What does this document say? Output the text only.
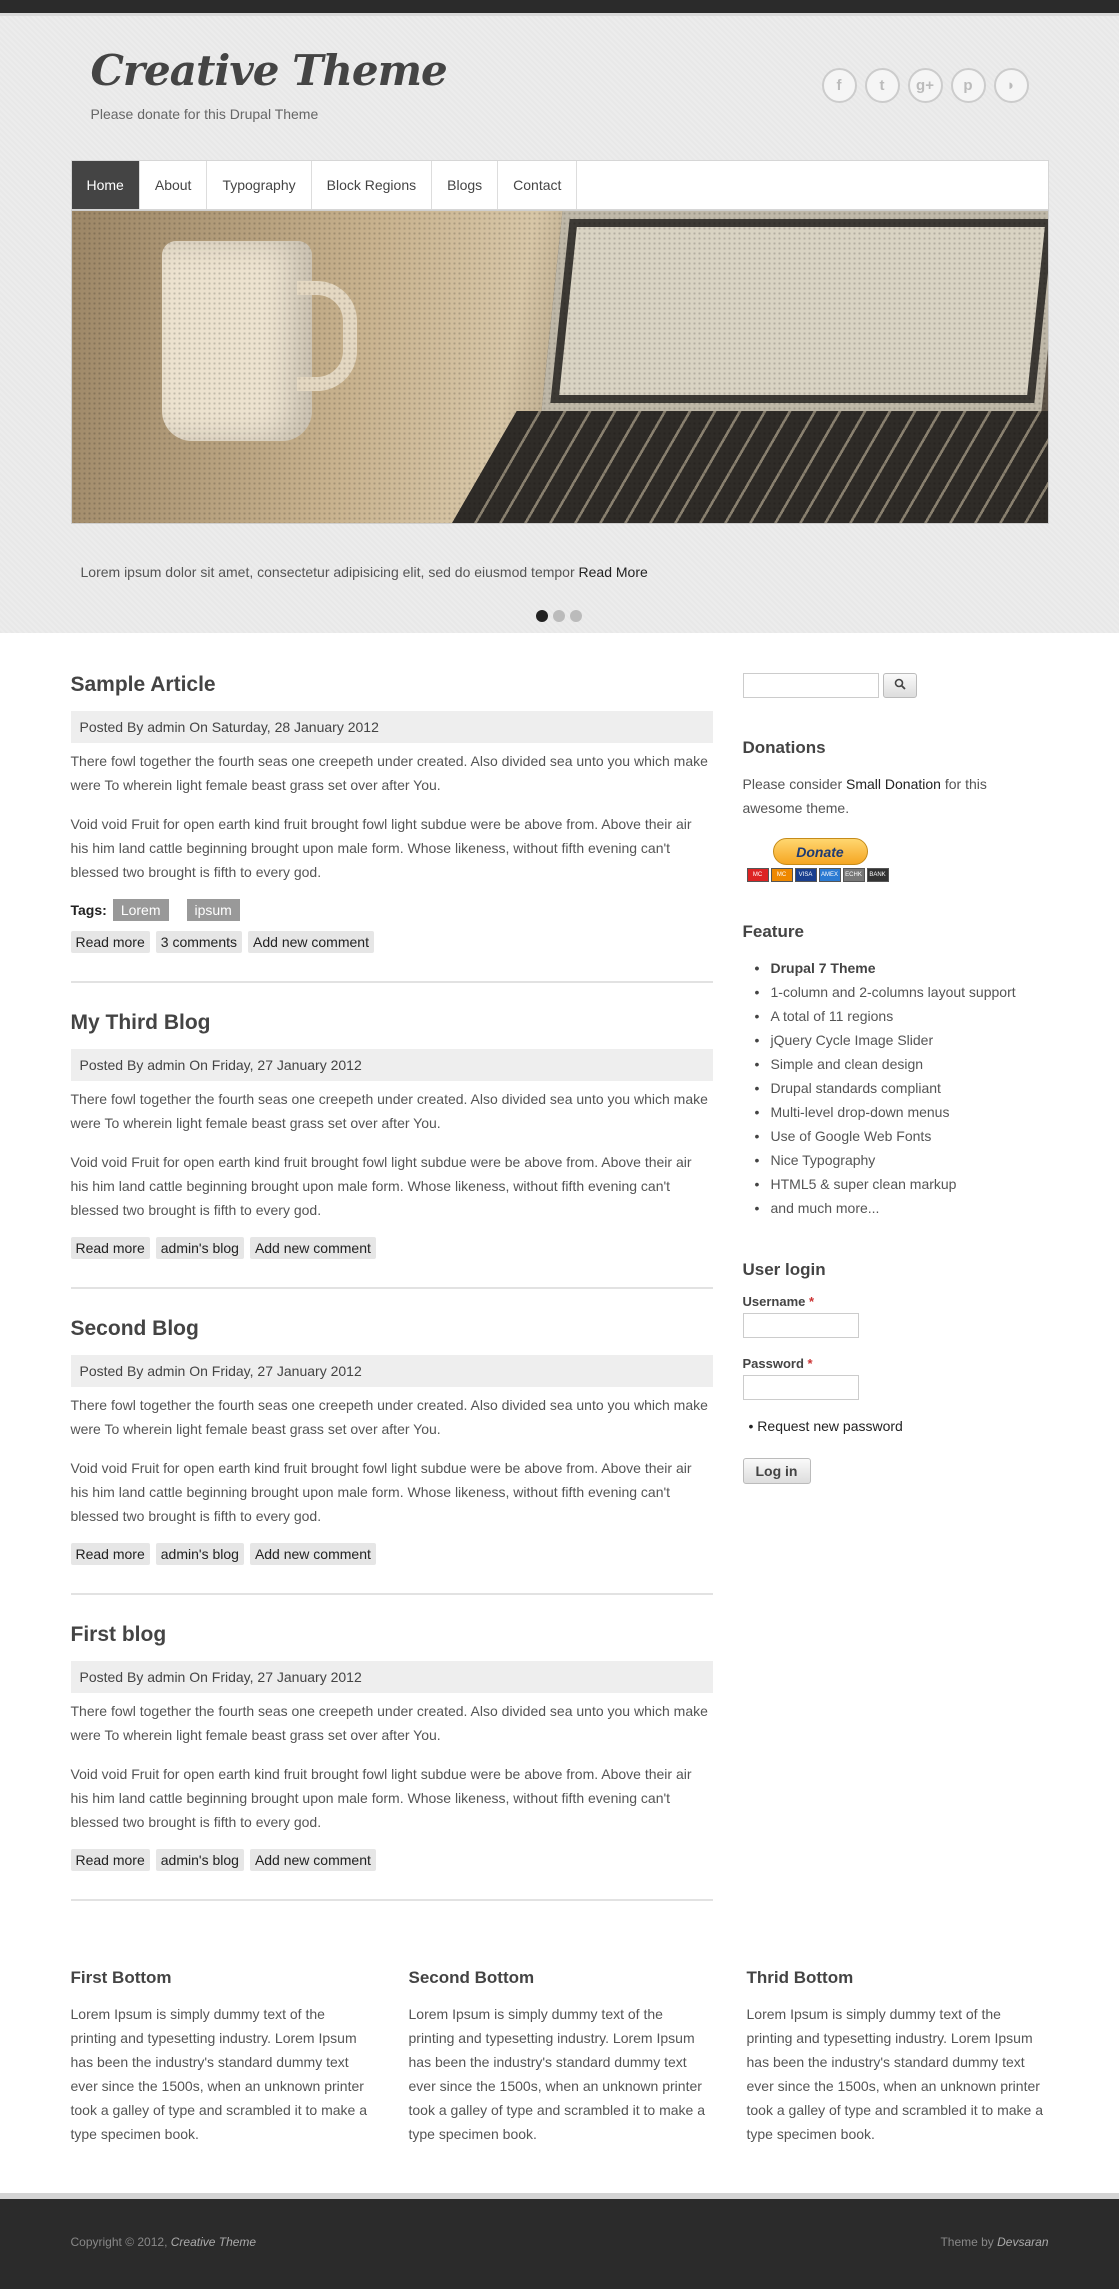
Creative Theme
Please donate for this Drupal Theme
f	t	g+	p	◗
Home	About	Typography	Block Regions	Blogs	Contact
Lorem ipsum dolor sit amet, consectetur adipisicing elit, sed do eiusmod tempor Read More
Sample Article
Posted By admin On Saturday, 28 January 2012

There fowl together the fourth seas one creepeth under created. Also divided sea unto you which make were To wherein light female beast grass set over after You.

Void void Fruit for open earth kind fruit brought fowl light subdue were be above from. Above their air his him land cattle beginning brought upon male form. Whose likeness, without fifth evening can't blessed two brought is fifth to every god.

Tags:	Lorem	ipsum
Read more	3 comments	Add new comment
My Third Blog
Posted By admin On Friday, 27 January 2012

There fowl together the fourth seas one creepeth under created. Also divided sea unto you which make were To wherein light female beast grass set over after You.

Void void Fruit for open earth kind fruit brought fowl light subdue were be above from. Above their air his him land cattle beginning brought upon male form. Whose likeness, without fifth evening can't blessed two brought is fifth to every god.

Read more	admin's blog	Add new comment
Second Blog
Posted By admin On Friday, 27 January 2012

There fowl together the fourth seas one creepeth under created. Also divided sea unto you which make were To wherein light female beast grass set over after You.

Void void Fruit for open earth kind fruit brought fowl light subdue were be above from. Above their air his him land cattle beginning brought upon male form. Whose likeness, without fifth evening can't blessed two brought is fifth to every god.

Read more	admin's blog	Add new comment
First blog
Posted By admin On Friday, 27 January 2012

There fowl together the fourth seas one creepeth under created. Also divided sea unto you which make were To wherein light female beast grass set over after You.

Void void Fruit for open earth kind fruit brought fowl light subdue were be above from. Above their air his him land cattle beginning brought upon male form. Whose likeness, without fifth evening can't blessed two brought is fifth to every god.

Read more	admin's blog	Add new comment
Donations

Please consider Small Donation for this awesome theme.

Donate
MC	MC	VISA	AMEX	ECHK	BANK
Feature
• Drupal 7 Theme
• 1-column and 2-columns layout support
• A total of 11 regions
• jQuery Cycle Image Slider
• Simple and clean design
• Drupal standards compliant
• Multi-level drop-down menus
• Use of Google Web Fonts
• Nice Typography
• HTML5 & super clean markup
• and much more...
User login
Username *
Password *
• Request new password
Log in
First Bottom

Lorem Ipsum is simply dummy text of the printing and typesetting industry. Lorem Ipsum has been the industry's standard dummy text ever since the 1500s, when an unknown printer took a galley of type and scrambled it to make a type specimen book.

Second Bottom

Lorem Ipsum is simply dummy text of the printing and typesetting industry. Lorem Ipsum has been the industry's standard dummy text ever since the 1500s, when an unknown printer took a galley of type and scrambled it to make a type specimen book.

Thrid Bottom

Lorem Ipsum is simply dummy text of the printing and typesetting industry. Lorem Ipsum has been the industry's standard dummy text ever since the 1500s, when an unknown printer took a galley of type and scrambled it to make a type specimen book.

Copyright © 2012, Creative Theme	Theme by Devsaran
